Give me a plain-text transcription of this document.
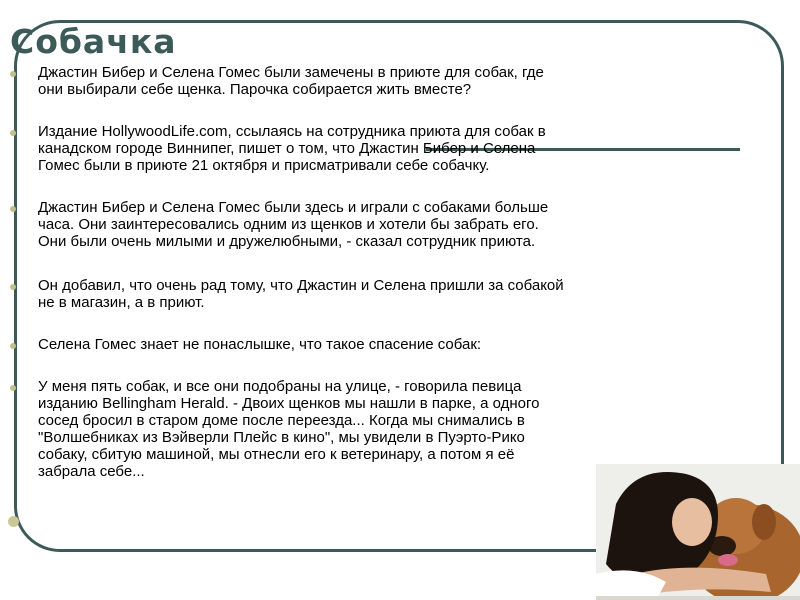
Собачка

Джастин Бибер и Селена Гомес были замечены в приюте для собак, где

они выбирали себе щенка. Парочка собирается жить вместе?

Издание HollywoodLife.com, ссылаясь на сотрудника приюта для собак в

канадском городе Виннипег, пишет о том, что Джастин Бибер и Селена

Гомес были в приюте 21 октября и присматривали себе собачку.

Джастин Бибер и Селена Гомес были здесь и играли с собаками больше

часа. Они заинтересовались одним из щенков и хотели бы забрать его.

Они были очень милыми и дружелюбными, - сказал сотрудник приюта.

Он добавил, что очень рад тому, что Джастин и Селена пришли за собакой

не в магазин, а в приют.

Селена Гомес знает не понаслышке, что такое спасение собак:

У меня пять собак, и все они подобраны на улице, - говорила певица

изданию Bellingham Herald. - Двоих щенков мы нашли в парке, а одного

сосед бросил в старом доме после переезда... Когда мы снимались в

"Волшебниках из Вэйверли Плейс в кино", мы увидели в Пуэрто-Рико

собаку, сбитую машиной, мы отнесли его к ветеринару, а потом я её

забрала себе...
